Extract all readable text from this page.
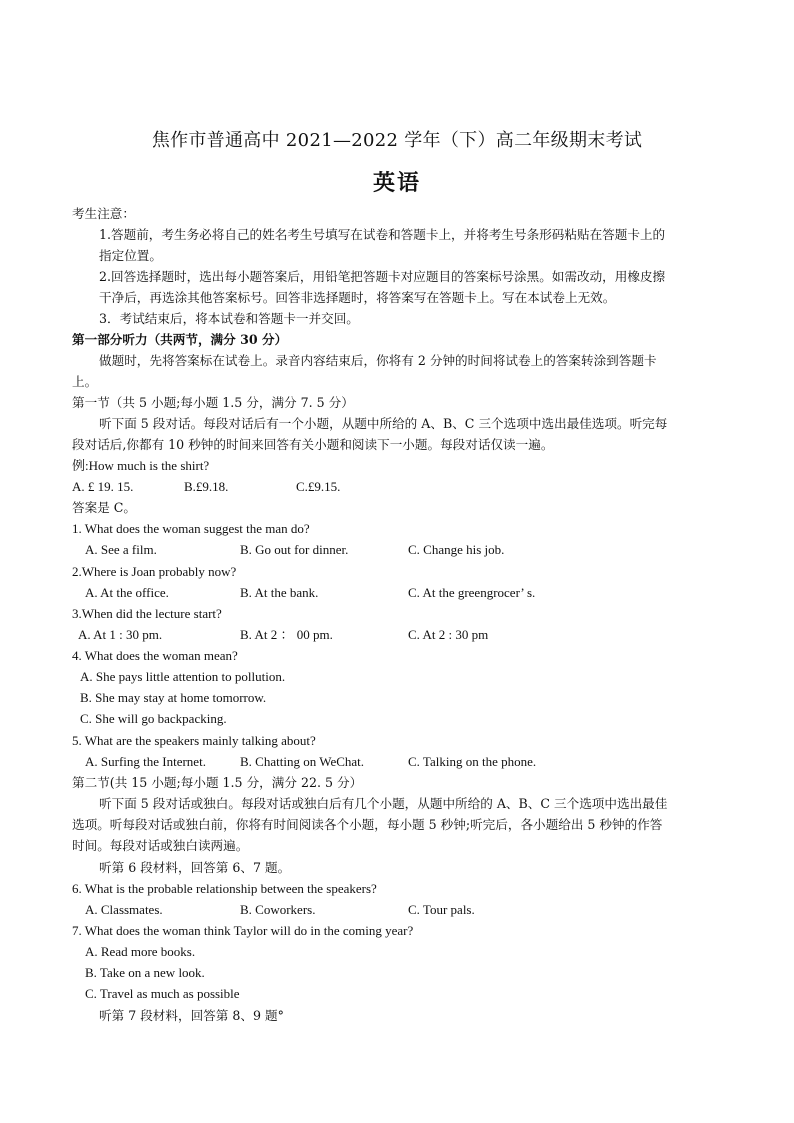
焦作市普通高中 2021—2022 学年（下）高二年级期末考试
英语
考生注意：
1.答题前，考生务必将自己的姓名考生号填写在试卷和答题卡上，并将考生号条形码粘贴在答题卡上的
指定位置。
2.回答选择题时，选出每小题答案后，用铅笔把答题卡对应题目的答案标号涂黑。如需改动，用橡皮擦
干净后，再选涂其他答案标号。回答非选择题时，将答案写在答题卡上。写在本试卷上无效。
3．考试结束后，将本试卷和答题卡一并交回。
第一部分听力（共两节，满分 30 分）
做题时，先将答案标在试卷上。录音内容结束后，你将有 2 分钟的时间将试卷上的答案转涂到答题卡
上。
第一节（共 5 小题;每小题 1.5 分，满分 7. 5 分）
听下面 5 段对话。每段对话后有一个小题，从题中所给的 A、B、C 三个选项中选出最佳选项。听完每
段对话后,你都有 10 秒钟的时间来回答有关小题和阅读下一小题。每段对话仅读一遍。
例:How much is the shirt?
A. £ 19. 15.	B.£9.18.	C.£9.15.
答案是 C。
1. What does the woman suggest the man do?
A. See a film.	B. Go out for dinner.	C. Change his job.
2.Where is Joan probably now?
A. At the office.	B. At the bank.	C. At the greengrocer’ s.
3.When did the lecture start?
A. At 1 : 30 pm.	B. At 2 ： 00 pm.	C. At 2 : 30 pm
4. What does the woman mean?
A. She pays little attention to pollution.
B. She may stay at home tomorrow.
C. She will go backpacking.
5. What are the speakers mainly talking about?
A. Surfing the Internet.	B. Chatting on WeChat.	C. Talking on the phone.
第二节(共 15 小题;每小题 1.5 分，满分 22. 5 分）
听下面 5 段对话或独白。每段对话或独白后有几个小题，从题中所给的 A、B、C 三个选项中选出最佳
选项。听每段对话或独白前，你将有时间阅读各个小题，每小题 5 秒钟;听完后，各小题给出 5 秒钟的作答
时间。每段对话或独白读两遍。
听第 6 段材料，回答第 6、7 题。
6. What is the probable relationship between the speakers?
A. Classmates.	B. Coworkers.	C. Tour pals.
7. What does the woman think Taylor will do in the coming year?
A. Read more books.
B. Take on a new look.
C. Travel as much as possible
听第 7 段材料，回答第 8、9 题°
